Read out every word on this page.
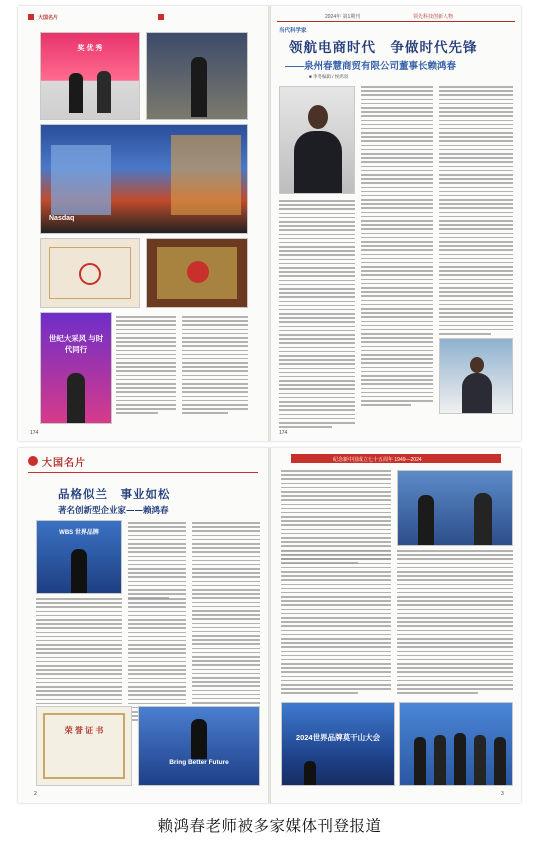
大国名片
奖 优 秀
Nasdaq
世纪大采风 与时代同行
174
2024年 第1期刊	领先科技创新人物
当代科学家
领航电商时代　争做时代先锋
——泉州春慧商贸有限公司董事长赖鸿春
■ 李冬编辑 / 侯鸿羽
174
大国名片
品格似兰　事业如松
著名创新型企业家——赖鸿春
WBS 世界品牌
荣 誉 证 书
Bring Better Future
2
纪念新中国成立七十五周年 1949—2024
2024世界品牌莫干山大会
3
赖鸿春老师被多家媒体刊登报道
